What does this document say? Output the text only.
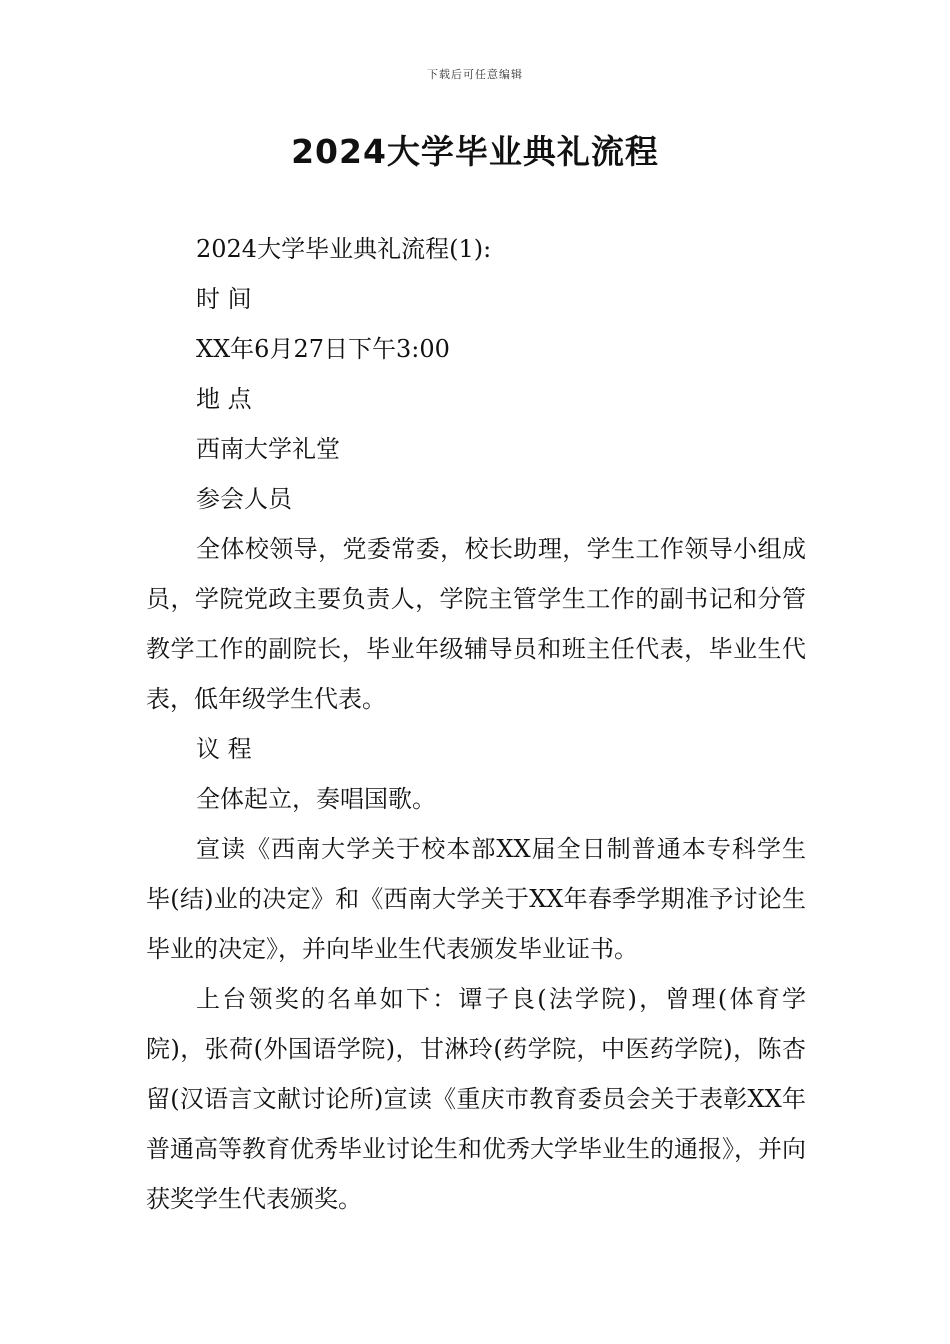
下载后可任意编辑
2024大学毕业典礼流程

2024大学毕业典礼流程(1):

时 间

XX年6月27日下午3:00

地 点

西南大学礼堂

参会人员

全体校领导，党委常委，校长助理，学生工作领导小组成员，学院党政主要负责人，学院主管学生工作的副书记和分管教学工作的副院长，毕业年级辅导员和班主任代表，毕业生代表，低年级学生代表。

议 程

全体起立，奏唱国歌。

宣读《西南大学关于校本部XX届全日制普通本专科学生毕(结)业的决定》和《西南大学关于XX年春季学期准予讨论生毕业的决定》，并向毕业生代表颁发毕业证书。

上台领奖的名单如下：谭子良(法学院)，曾理(体育学院)，张荷(外国语学院)，甘淋玲(药学院，中医药学院)，陈杏留(汉语言文献讨论所)宣读《重庆市教育委员会关于表彰XX年普通高等教育优秀毕业讨论生和优秀大学毕业生的通报》，并向获奖学生代表颁奖。
